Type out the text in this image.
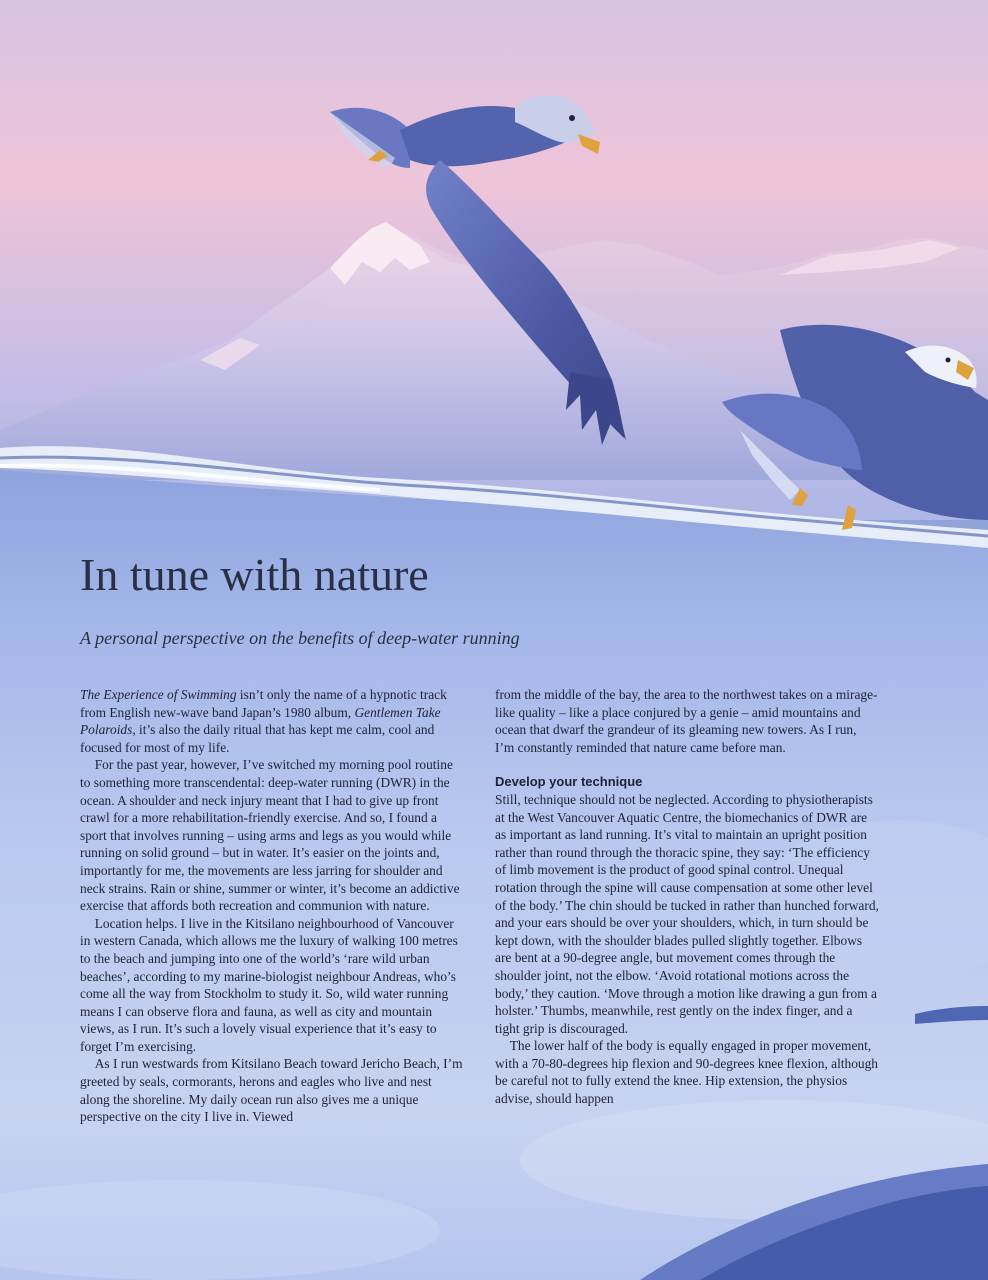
In tune with nature

A personal perspective on the benefits of deep-water running

The Experience of Swimming isn’t only the name of a hypnotic track from English new-wave band Japan’s 1980 album, Gentlemen Take Polaroids, it’s also the daily ritual that has kept me calm, cool and focused for most of my life.

For the past year, however, I’ve switched my morning pool routine to something more transcendental: deep-water running (DWR) in the ocean. A shoulder and neck injury meant that I had to give up front crawl for a more rehabilitation-friendly exercise. And so, I found a sport that involves running – using arms and legs as you would while running on solid ground – but in water. It’s easier on the joints and, importantly for me, the movements are less jarring for shoulder and neck strains. Rain or shine, summer or winter, it’s become an addictive exercise that affords both recreation and communion with nature.

Location helps. I live in the Kitsilano neighbourhood of Vancouver in western Canada, which allows me the luxury of walking 100 metres to the beach and jumping into one of the world’s ‘rare wild urban beaches’, according to my marine-biologist neighbour Andreas, who’s come all the way from Stockholm to study it. So, wild water running means I can observe flora and fauna, as well as city and mountain views, as I run. It’s such a lovely visual experience that it’s easy to forget I’m exercising.

As I run westwards from Kitsilano Beach toward Jericho Beach, I’m greeted by seals, cormorants, herons and eagles who live and nest along the shoreline. My daily ocean run also gives me a unique perspective on the city I live in. Viewed

from the middle of the bay, the area to the northwest takes on a mirage-like quality – like a place conjured by a genie – amid mountains and ocean that dwarf the grandeur of its gleaming new towers. As I run, I’m constantly reminded that nature came before man.

Develop your technique

Still, technique should not be neglected. According to physiotherapists at the West Vancouver Aquatic Centre, the biomechanics of DWR are as important as land running. It’s vital to maintain an upright position rather than round through the thoracic spine, they say: ‘The efficiency of limb movement is the product of good spinal control. Unequal rotation through the spine will cause compensation at some other level of the body.’ The chin should be tucked in rather than hunched forward, and your ears should be over your shoulders, which, in turn should be kept down, with the shoulder blades pulled slightly together. Elbows are bent at a 90-degree angle, but movement comes through the shoulder joint, not the elbow. ‘Avoid rotational motions across the body,’ they caution. ‘Move through a motion like drawing a gun from a holster.’ Thumbs, meanwhile, rest gently on the index finger, and a tight grip is discouraged.

The lower half of the body is equally engaged in proper movement, with a 70-80-degrees hip flexion and 90-degrees knee flexion, although be careful not to fully extend the knee. Hip extension, the physios advise, should happen
